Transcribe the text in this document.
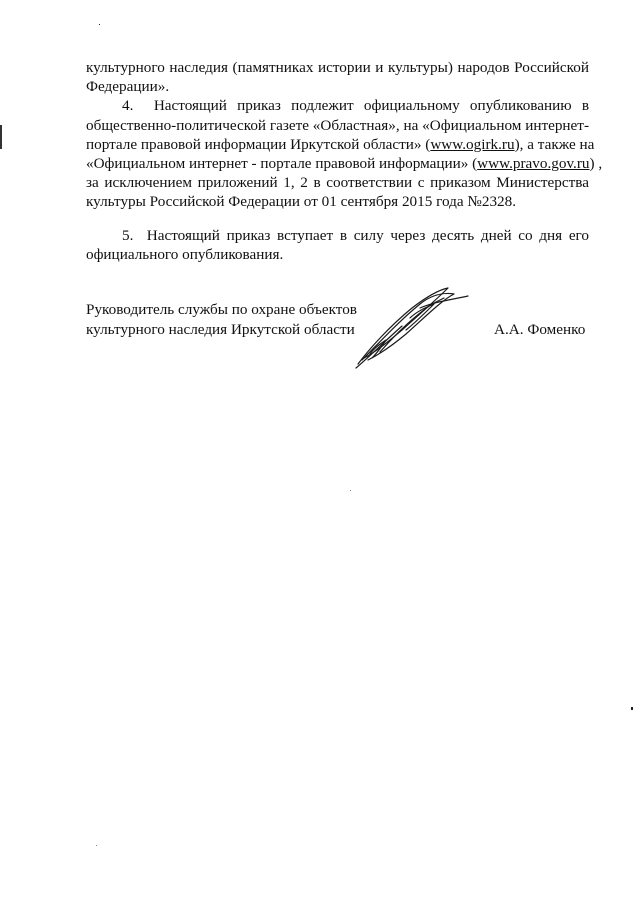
культурного наследия (памятниках истории и культуры) народов Российской
Федерации».
4. Настоящий приказ подлежит официальному опубликованию в
общественно-политической газете «Областная», на «Официальном интернет-
портале правовой информации Иркутской области» (www.ogirk.ru), а также на
«Официальном интернет - портале правовой информации» (www.pravo.gov.ru) ,
за исключением приложений 1, 2 в соответствии с приказом Министерства
культуры Российской Федерации от 01 сентября 2015 года №2328.
5. Настоящий приказ вступает в силу через десять дней со дня его
официального опубликования.
Руководитель службы по охране объектов
культурного наследия Иркутской области	А.А. Фоменко
